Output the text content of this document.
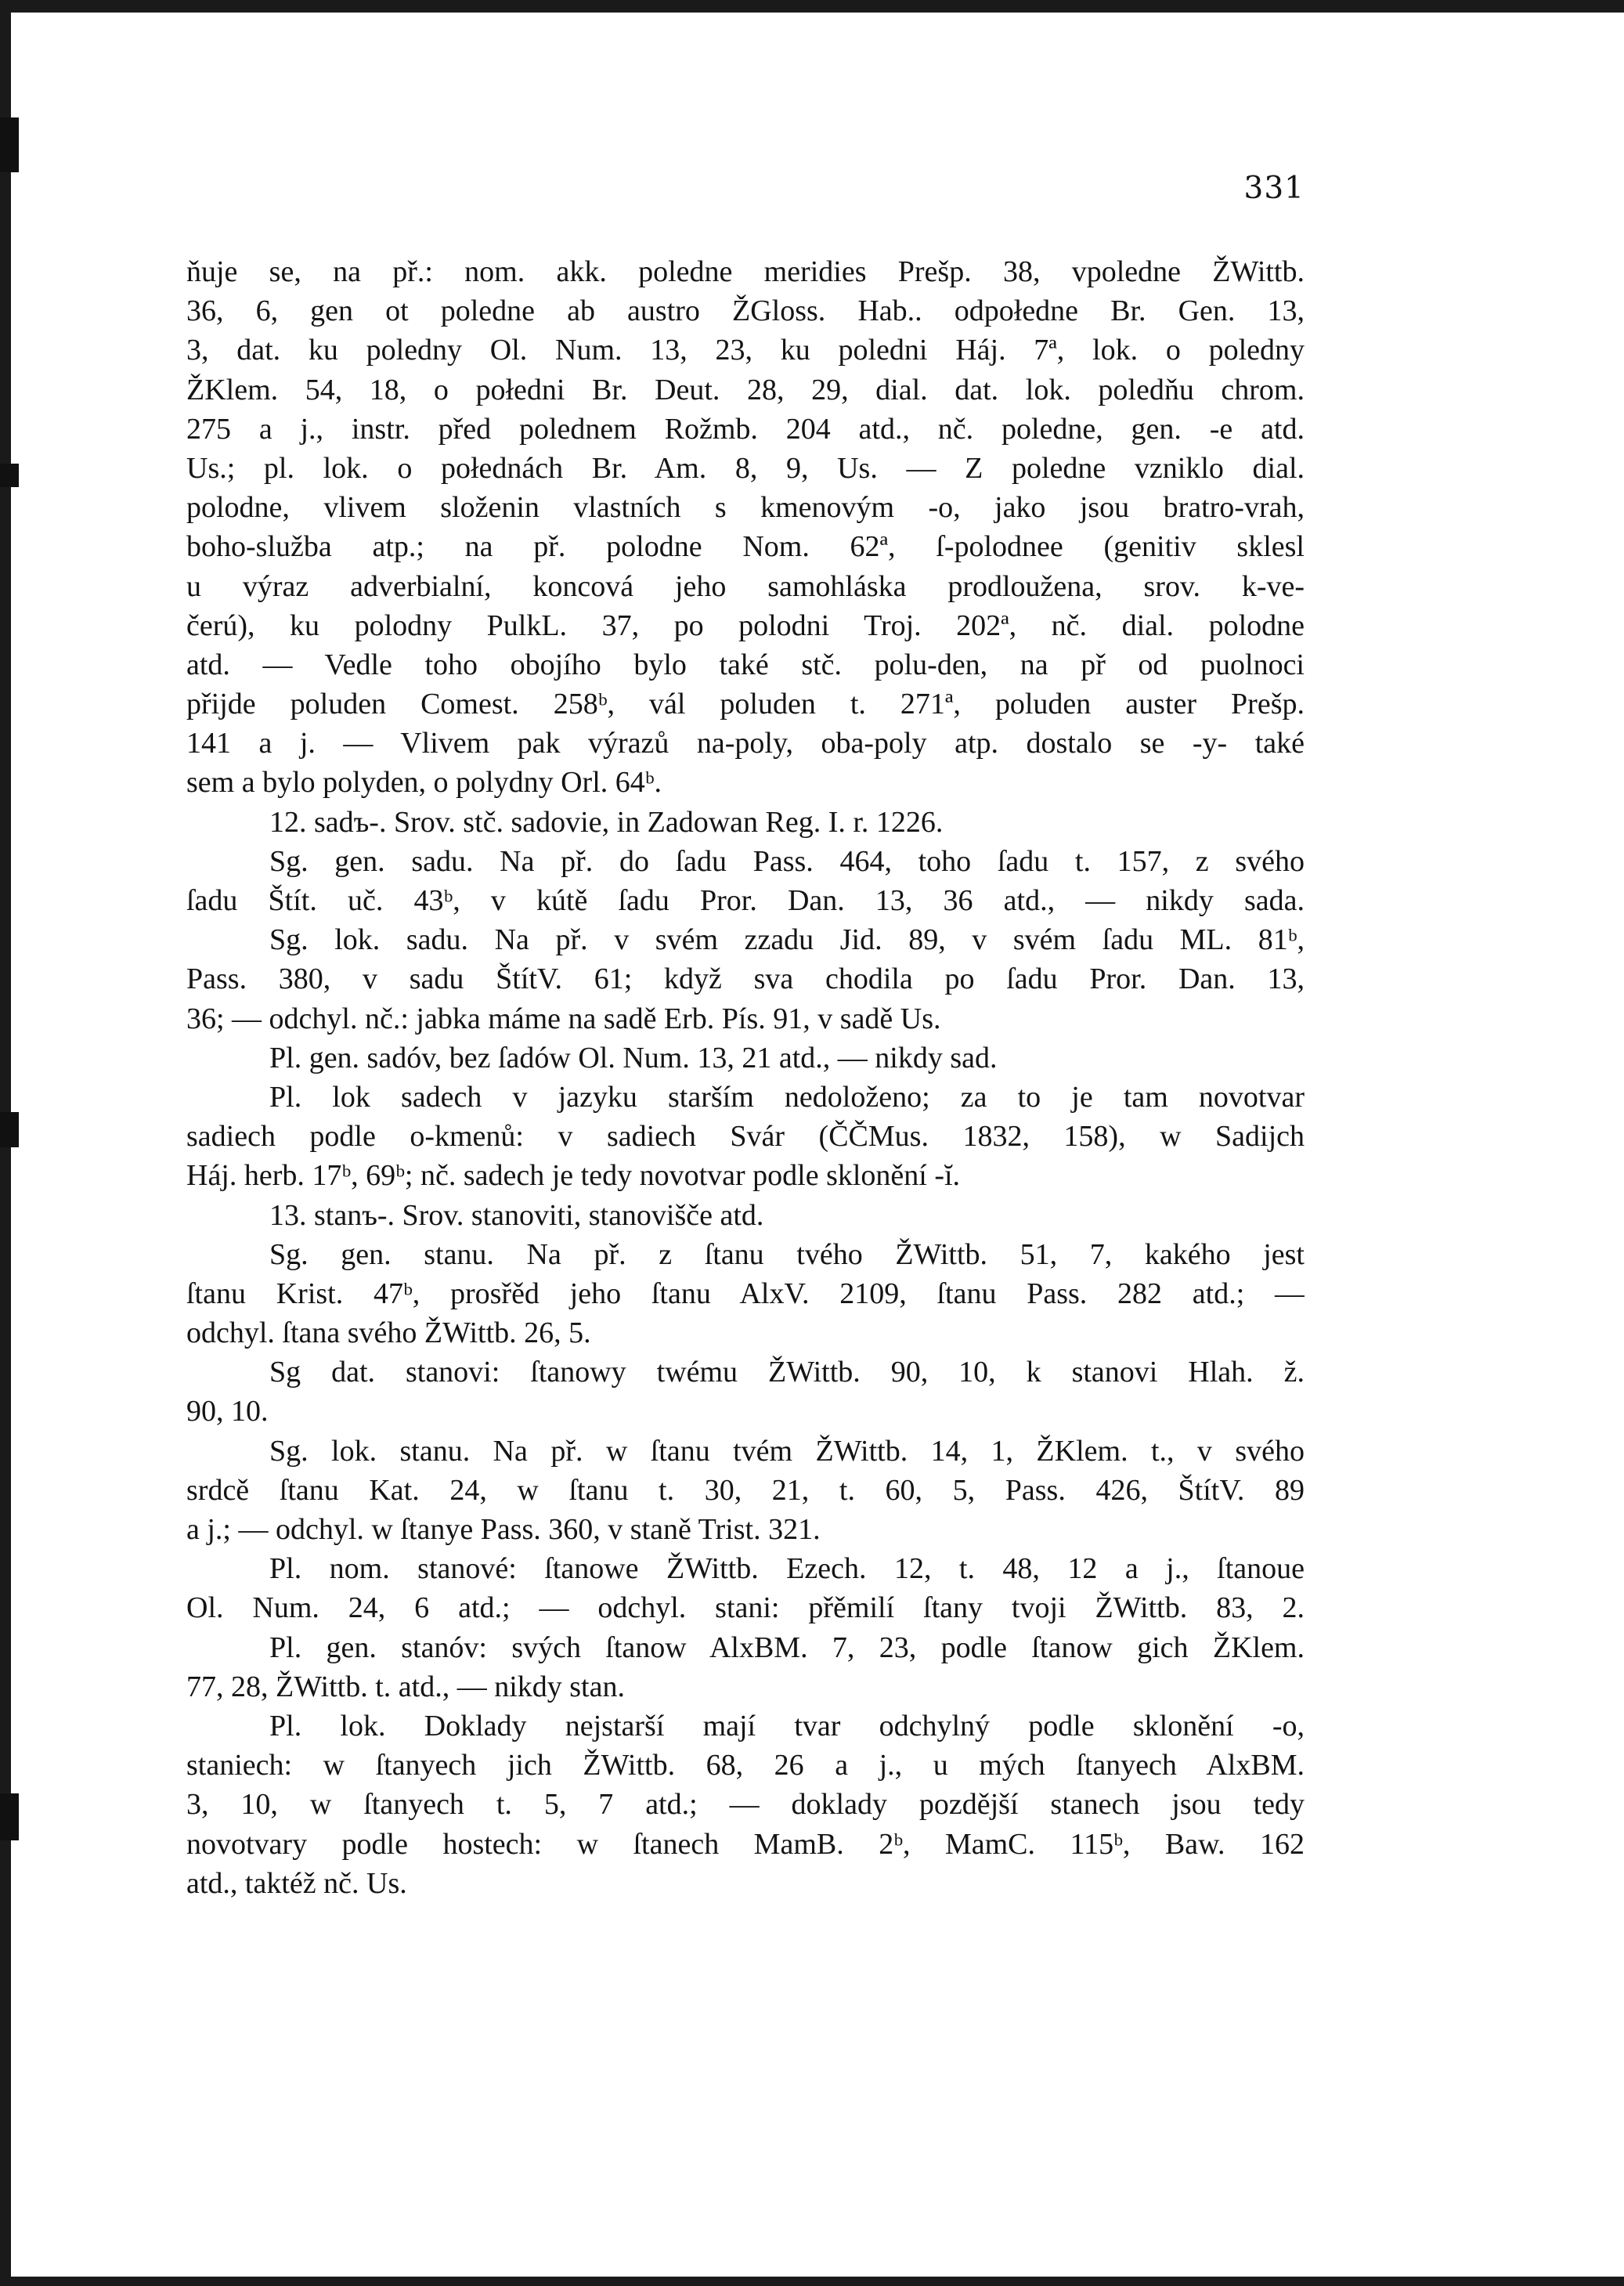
331
ňuje se, na př.: nom. akk. poledne meridies Prešp. 38, vpoledne ŽWittb.
36, 6, gen ot poledne ab austro ŽGloss. Hab.. odpołedne Br. Gen. 13,
3, dat. ku poledny Ol. Num. 13, 23, ku poledni Háj. 7ª, lok. o poledny
ŽKlem. 54, 18, o połedni Br. Deut. 28, 29, dial. dat. lok. poledňu chrom.
275 a j., instr. před polednem Rožmb. 204 atd., nč. poledne, gen. -e atd.
Us.; pl. lok. o połednách Br. Am. 8, 9, Us. — Z poledne vzniklo dial.
polodne, vlivem složenin vlastních s kmenovým -o, jako jsou bratro-vrah,
boho-služba atp.; na př. polodne Nom. 62ª, ſ-polodnee (genitiv sklesl
u výraz adverbialní, koncová jeho samohláska prodloužena, srov. k-ve-
čerú), ku polodny PulkL. 37, po polodni Troj. 202ª, nč. dial. polodne
atd. — Vedle toho obojího bylo také stč. polu-den, na př od puolnoci
přijde poluden Comest. 258ᵇ, vál poluden t. 271ª, poluden auster Prešp.
141 a j. — Vlivem pak výrazů na-poly, oba-poly atp. dostalo se -y- také
sem a bylo polyden, o polydny Orl. 64ᵇ.
12. sadъ-. Srov. stč. sadovie, in Zadowan Reg. I. r. 1226.
Sg. gen. sadu. Na př. do ſadu Pass. 464, toho ſadu t. 157, z svého
ſadu Štít. uč. 43ᵇ, v kútě ſadu Pror. Dan. 13, 36 atd., — nikdy sada.
Sg. lok. sadu. Na př. v svém zzadu Jid. 89, v svém ſadu ML. 81ᵇ,
Pass. 380, v sadu ŠtítV. 61; když sva chodila po ſadu Pror. Dan. 13,
36; — odchyl. nč.: jabka máme na sadě Erb. Pís. 91, v sadě Us.
Pl. gen. sadóv, bez ſadów Ol. Num. 13, 21 atd., — nikdy sad.
Pl. lok sadech v jazyku starším nedoloženo; za to je tam novotvar
sadiech podle o-kmenů: v sadiech Svár (ČČMus. 1832, 158), w Sadijch
Háj. herb. 17ᵇ, 69ᵇ; nč. sadech je tedy novotvar podle sklonění -ĭ.
13. stanъ-. Srov. stanoviti, stanovišče atd.
Sg. gen. stanu. Na př. z ſtanu tvého ŽWittb. 51, 7, kakého jest
ſtanu Krist. 47ᵇ, prosřěd jeho ſtanu AlxV. 2109, ſtanu Pass. 282 atd.; —
odchyl. ſtana svého ŽWittb. 26, 5.
Sg dat. stanovi: ſtanowy twému ŽWittb. 90, 10, k stanovi Hlah. ž.
90, 10.
Sg. lok. stanu. Na př. w ſtanu tvém ŽWittb. 14, 1, ŽKlem. t., v svého
srdcě ſtanu Kat. 24, w ſtanu t. 30, 21, t. 60, 5, Pass. 426, ŠtítV. 89
a j.; — odchyl. w ſtanye Pass. 360, v staně Trist. 321.
Pl. nom. stanové: ſtanowe ŽWittb. Ezech. 12, t. 48, 12 a j., ſtanoue
Ol. Num. 24, 6 atd.; — odchyl. stani: přěmilí ſtany tvoji ŽWittb. 83, 2.
Pl. gen. stanóv: svých ſtanow AlxBM. 7, 23, podle ſtanow gich ŽKlem.
77, 28, ŽWittb. t. atd., — nikdy stan.
Pl. lok. Doklady nejstarší mají tvar odchylný podle sklonění -o,
staniech: w ſtanyech jich ŽWittb. 68, 26 a j., u mých ſtanyech AlxBM.
3, 10, w ſtanyech t. 5, 7 atd.; — doklady pozdější stanech jsou tedy
novotvary podle hostech: w ſtanech MamB. 2ᵇ, MamC. 115ᵇ, Baw. 162
atd., taktéž nč. Us.
